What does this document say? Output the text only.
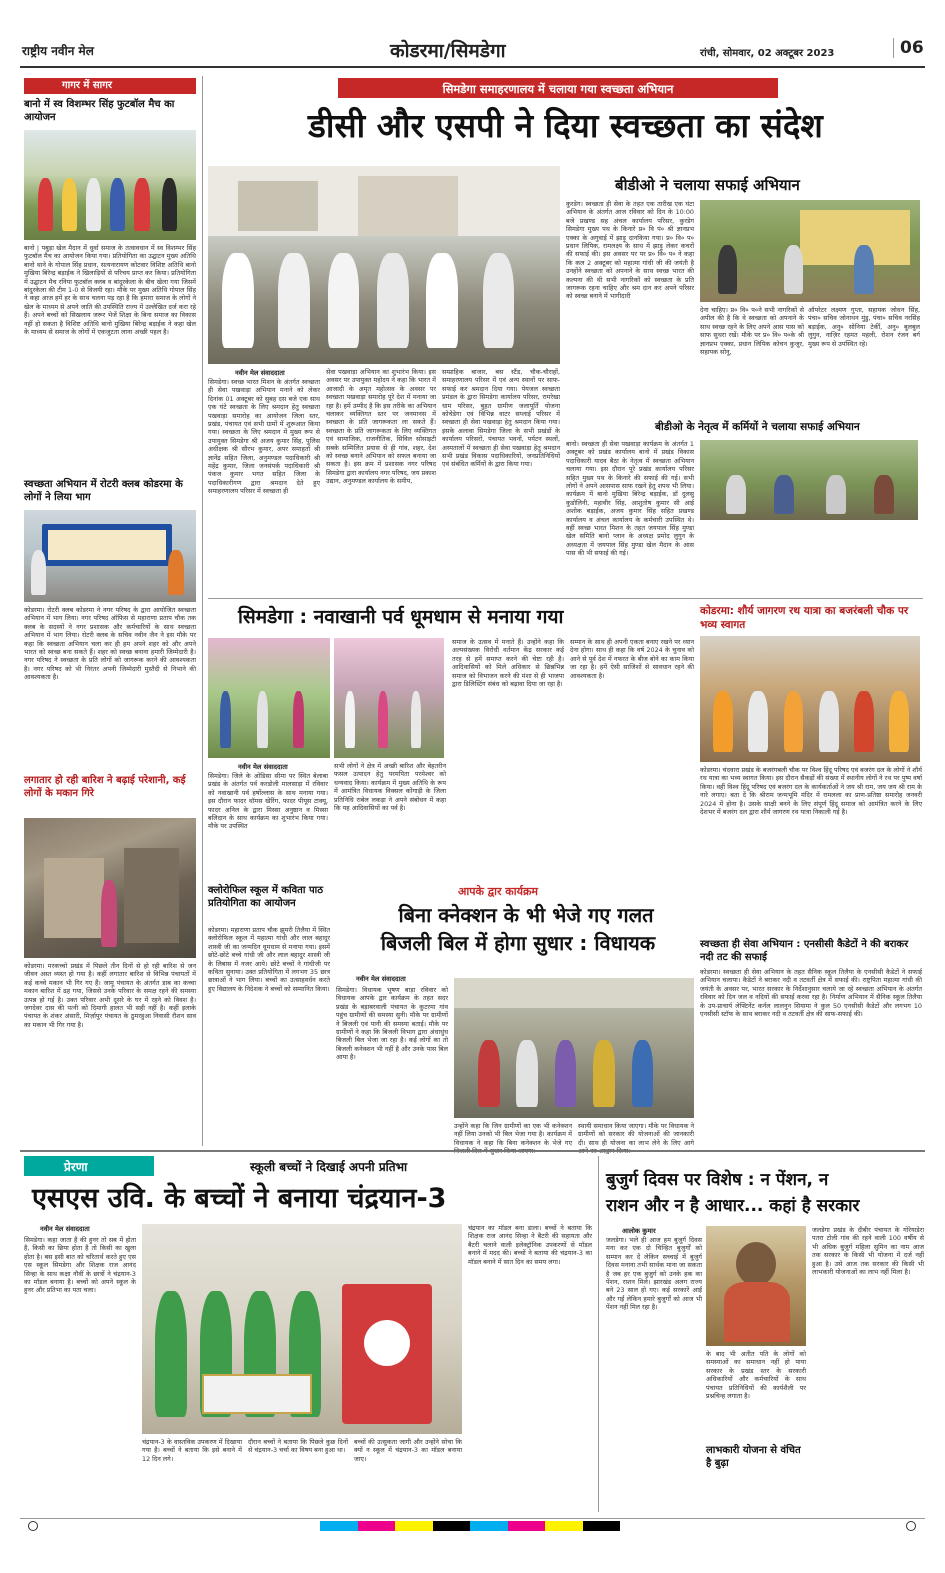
राष्ट्रीय नवीन मेल	कोडरमा/सिमडेगा	रांची, सोमवार, 02 अक्टूबर 2023	06
गागर में सागर
बानो में स्व विशम्भर सिंह फुटबॉल मैच का आयोजन
बानो | पबुड़ा खेल मैदान में धुर्वा समाज के तत्वावधान में स्व विशम्भर सिंह फुटबॉल मैच का आयोजन किया गया। प्रतियोगिता का उद्घाटन मुख्य अतिथि बानो थाने के गोपाल सिंह प्रधान, सत्यनारायण कोटवार विशिष्ट अतिथि बानो मुखिया बिरेन्द्र बड़ाईक ने खिलाड़ियों से परिचय प्राप्त कर किया। प्रतियोगिता में उद्घाटन मैच रनिया फुटबॉल क्लब व बांदुरकेला के बीच खेला गया जिसमें बांदुरकेला की टीम 1-0 से विजयी रहा। मौके पर मुख्य अतिथि गोपाल सिंह ने कहा आज हमें हर के साथ चलना पड़ रहा है कि हमारा समाज के लोगों ने खेल के माध्यम से अपने जाति की उपस्थिति राज्य में उल्लेखित दर्ज करा रहे हैं। अपने बच्चों को सिखलाय जरूर भेजें शिक्षा के बिना समाज का विकास नहीं हो सकता है विशिष्ट अतिथि बानो मुखिया बिरेन्द्र बड़ाईक ने कहा खेल के माध्यम से समाज के लोगों में एकजुटता लाना अच्छी पहल है।
स्वच्छता अभियान में रोटरी क्लब कोडरमा के लोगों ने लिया भाग
कोडरमा। रोटरी क्लब कोडरमा ने नगर परिषद के द्वारा आयोजित स्वच्छता अभियान में भाग लिया। नगर परिषद ऑफिस से महाराणा प्रताप चौक तक क्लब के सदस्यों ने नगर प्रशासक और कर्मचारियों के साथ स्वच्छता अभियान में भाग लिया। रोटरी क्लब के सचिव नवीन जैन ने इस मौके पर कहा कि स्वच्छता अभियान चला कर ही हम अपने शहर को और अपने भारत को स्वच्छ बना सकते हैं। शहर को स्वच्छ बनाना हमारी जिम्मेदारी है। नगर परिषद ने स्वच्छता के प्रति लोगों को जागरूक करने की आवश्यकता है। नगर परिषद को भी निरंतर अपनी जिम्मेदारी मुस्तैदी से निभाने की आवश्यकता है।
लगातार हो रही बारिश ने बढ़ाई परेशानी, कई लोगों के मकान गिरे
कोडरमा। मरकच्चो प्रखंड में पिछले तीन दिनों से हो रही बारिश से जन जीवन अस्त व्यस्त हो गया है। कहीं लगातार बारिश से विभिन्न पंचायतों में कई कच्चे मकान भी गिर गए हैं। जामू पंचायत के अंतर्गत डाब का कच्चा मकान बारिश में ढह गया, जिससे उनके परिवार के समक्ष रहने की समस्या उत्पन्न हो गई है। उक्त परिवार अभी दूसरे के घर में रहने को विवश है। जगदेवर दास की पत्नी को दिमागी हालत भी सही नहीं है। कहीं इलाके पंचायत के शंकर अंसारी, मिर्ज़ापुर पंचायत के ठुमरहुआ निवासी रौशन साव का मकान भी गिर गया है।
सिमडेगा समाहरणालय में चलाया गया स्वच्छता अभियान
डीसी और एसपी ने दिया स्वच्छता का संदेश
नवीन मेल संवाददाता
सिमडेगा। स्वच्छ भारत मिशन के अंतर्गत स्वच्छता ही सेवा पखवाड़ा अभियान मनाने को लेकर दिनांक 01 अक्टूबर को सुबह दस बजे एक साथ एक घंटे स्वच्छता के लिए श्रमदान हेतु स्वच्छता पखवाड़ा समारोह का आयोजन जिला स्तर, प्रखंड, पंचायत एवं सभी ग्रामों में शुरूआत किया गया। स्वच्छता के लिए श्रमदान में मुख्य रूप से उपायुक्त सिमडेगा श्री अजय कुमार सिंह, पुलिस अधीक्षक श्री सौरभ कुमार, अपर समाहर्ता श्री ज्ञानेंद्र सहित जिला, अनुमण्डल पदाधिकारी श्री महेंद्र कुमार, जिला जनसंपर्क पदाधिकारी श्री पंकज कुमार भगत सहित जिला के पदाधिकारीगण द्वारा श्रमदान देते हुए समाहरणालय परिसर में स्वच्छता ही
सेवा पखवाड़ा अभियान का शुभारंभ किया। इस अवसर पर उपायुक्त महोदय ने कहा कि भारत में आजादी के अमृत महोत्सव के अवसर पर स्वच्छता पखवाड़ा समारोह पूरे देश में मनाया जा रहा है। हमें उम्मीद है कि इस तरीके का अभियान चलाकर व्यक्तिगत स्तर पर जनमानस में स्वच्छता के प्रति जागरूकता ला सकते हैं। स्वच्छता के प्रति जागरूकता के लिए व्यक्तिगत एवं सामाजिक, राजनीतिक, सिविल सोसाइटी सबके सम्मिलित प्रयास से ही गांव, शहर, देश को स्वच्छ बनाने अभियान को सफल बनाया जा सकता है। इस क्रम में प्रशासक नगर परिषद सिमडेगा द्वारा कार्यालय नगर परिषद, जय प्रकाश उद्यान, अनुमण्डल कार्यालय के समीप,
सम्प्राहिक बाजार, बस स्टैंड, चौक-चौराहों, समाहरणालय परिसर में एवं अन्य स्थानों पर साफ-सफाई कर श्रमदान दिया गया। पेयजल स्वच्छता प्रमंडल के द्वारा सिमडेगा कार्यालय परिसर, रामरेखा धाम परिसर, बुहत ग्रामीण जलापूर्ति योजना कोचेडेगा एवं विभिन्न वाटर सप्लाई परिसर में स्वच्छता ही सेवा पखवाड़ा हेतु श्रमदान किया गया। इसके अलावा सिमडेगा जिला के सभी प्रखंडों के कार्यालय परिसरों, पंचायत भवनों, पर्यटन स्थलों, अस्पतालों में स्वच्छता ही सेवा पखवाड़ा हेतु श्रमदान सभी प्रखंड विकास पदाधिकारियों, जनप्रतिनिधियों एवं संबंधित कर्मियों के द्वारा किया गया।
बीडीओ ने चलाया सफाई अभियान
कुरडेग। स्वच्छता ही सेवा के तहत एक तारीख एक घंटा अभियान के अंतर्गत आज रविवार को दिन के 10:00 बजे प्रखण्ड सह अंचल कार्यालय परिसर, कुरडेग सिमडेगा मुख्य पथ के किनारे प्र० वि पं० श्री ज्ञानप्रभ एक्का के अगुवाई में झाड़ू दानकिया गया। प्र० वि० प० प्रधान लिपिक, रामलक्ष्य के साथ में झाड़ू लेकर कचरों की सफाई की। इस अवसर पर पर प्र० वि० प० ने कहा कि कल 2 अक्टूबर को महात्मा गांधी जी की जयंती है उनहोंने स्वच्छता को अपनाने के साथ स्वच्छ भारत की कल्पना की थी सभी नागरिकों को स्वच्छता के प्रति जागरूक रहना चाहिए और श्रम दान कर अपने परिसर को स्वच्छ बनाने में भागीदारी
देना चाहिए। प्र० वि० प०ने सभी नागरिकों से अपील की है कि वे स्वच्छता को अपनाने के साथ स्वच्छ रहने के लिए अपने आस पास को साफ सुथरा रखें। मौके पर प्र० वि० प०के श्री ज्ञानप्रभ एक्का, प्रधान लिपिक कोचन कुजूर, सहायक सोनू,
ऑपरेटर लक्ष्मण गुप्ता, सहायक जोधन सिंह, पंचा० सचिव जोनाथन मुंडु, पंचा० सचिव नरसिंह बड़ाईक, अनु० सोनिया टेर्की, अनु० बुलबुल लुगुन, नाज़िर रहमत महली, रोशन रंजन बर्ग मुख्य रूप से उपस्थित रहे।
बीडीओ के नेतृत्व में कर्मियों ने चलाया सफाई अभियान
बानो। स्वच्छता ही सेवा पखवाड़ा कार्यक्रम के अंतर्गत 1 अक्टूबर को प्रखंड कार्यालय बानो में प्रखंड विकास पदाधिकारी यादव बैठा के नेतृत्व में स्वच्छता अभियान चलाया गया। इस दौरान पूरे प्रखंड कार्यालय परिसर सहित मुख्य पथ के किनारे की सफाई की गई। सभी लोगों ने अपने आसपास साफ रखने हेतु शपथ भी लिया। कार्यक्रम में बानो मुखिया बिरेन्द्र बड़ाईक, डॉ दुलसु कुडोलिनी, महावीर सिंह, आशुतोष कुमार सी आई अशोक बड़ाईक, अजय कुमार सिंह सहित प्रखण्ड कार्यालय व अंचल कार्यालय के कर्मचारी उपस्थित थे। वहीं स्वच्छ भारत मिशन के तहत जयपाल सिंह मुण्डा खेल समिति बानो प्लान के अध्यक्ष प्रमोद लुगुन के अध्यक्षता में जयपाल सिंह मुण्डा खेल मैदान के आस पास की भी सफाई की गई।
सिमडेगा : नवाखानी पर्व धूमधाम से मनाया गया
नवीन मेल संवाददाता
सिमडेगा। जिले के ओडिसा सीमा पर स्थित बेलाबा प्रखंड के अंतर्गत पर्व करडोली मालसाड़ा में रविवार को नवाखानी पर्व हर्षोल्लास के साथ मनाया गया। इस दौरान फादर थॉमस खेरिंग, फादर पीयूस टाक्यू, फादर अनिल के द्वारा मिस्सा अनुष्ठान व मिस्सा बलिदान के साथ कार्यक्रम का शुभारंभ किया गया। मौके पर उपस्थित
सभी लोगों ने क्षेत्र में अच्छी बारिश और बेहतरीन फसल उत्पादन हेतु परमपिता परमेश्वर को धन्यवाद किया। कार्यक्रम में मुख्य अतिथि के रूप में आमंत्रित विधायक विक्सल कोंगाड़ी के जिला प्रतिनिधि राबेल लकड़ा ने अपने संबोधन में कहा कि यह आदिवासियों का पर्व है।
समाज के उत्सव में मनाते हैं। उन्होंने कहा कि अल्पसंख्यक विरोधी वर्तमान केंद्र सरकार कई तरह से हमें समाप्त करने की चेष्टा रही है। आदिवासियों को मिले अधिकार से छिन्नभिन्न समाज को विभाजन करने की मंशा से ही भाजपा द्वारा डिलिस्टिंग संबंध को बढ़ावा दिया जा रहा है।
सम्मान के साथ ही अपनी एकता बनाए रखने पर ध्यान देना होगा। साथ ही कहा कि वर्ष 2024 के चुनाव को आने से पूर्व देश में नफरत के बीज बोने का काम किया जा रहा है। हमें ऐसी साजिशों से सावधान रहने की आवश्यकता है।
कोडरमा: शौर्य जागरण रथ यात्रा का बजरंबली चौक पर भव्य स्वागत
कोडरमा। चंदवारा प्रखंड के बजरंगबली चौक पर विश्व हिंदू परिषद एवं बजरंग दल के लोगों ने शौर्य रथ यात्रा का भव्य स्वागत किया। इस दौरान सैकड़ों की संख्या में स्थानीय लोगों ने रथ पर पुष्प वर्षा किया। वहीं विश्व हिंदू परिषद एवं बजरंग दल के कार्यकर्ताओं ने जय श्री राम, जय जय श्री राम के नारे लगाए। बता दें कि श्रीराम जन्मभूमि मंदिर में रामलला का प्राण-प्रतिष्ठा समारोह जनवरी 2024 में होना है। उसके साक्षी बनने के लिए संपूर्ण हिंदू समाज को आमंत्रित करने के लिए देशभर में बजरंग दल द्वारा शौर्य जागरण रथ यात्रा निकाली गई है।
स्वच्छता ही सेवा अभियान : एनसीसी कैडेटों ने की बराकर नदी तट की सफाई
कोडरमा। स्वच्छता ही सेवा अभियान के तहत सैनिक स्कूल तिलैया के एनसीसी कैडेटों ने सफाई अभियान चलाया। कैडेटों ने बराकर नदी व तटवर्ती क्षेत्र में सफाई की। राष्ट्रपिता महात्मा गांधी की जयंती के अवसर पर, भारत सरकार के निर्देशानुसार चलाये जा रहे स्वच्छता अभियान के अंतर्गत रविवार को दिन जल व नदियों की सफाई करवा रहा है। निर्माण अभियान में सैनिक स्कूल तिलैया के उप-प्राचार्य लेफ्टिनेंट कर्नल लालनुन सियामा ने कुल 50 एनसीसी कैडेटों और लगभग 10 एनसीसी स्टॉफ के साथ बराकर नदी व तटवर्ती क्षेत्र की साफ-सफाई की।
क्लोरोफिल स्कूल में कविता पाठ प्रतियोगिता का आयोजन
कोडरमा। महाराणा प्रताप चौक झुमरी तिलैया में स्थित क्लोरोफिल स्कूल में महात्मा गांधी और लाल बहादुर शास्त्री जी का जन्मदिन धूमधाम से मनाया गया। इसमें छोटे-छोटे बच्चे गांधी जी और लाल बहादुर शास्त्री जी के लिबास में नजर आये। छोटे बच्चों ने गांधीजी पर कविता सुनाया। उक्त प्रतियोगिता में लगभग 35 छात्र छात्राओं ने भाग लिया। बच्चों का उत्साहवर्धन करते हुए विद्यालय के निदेशक ने बच्चों को सम्मानित किया।
आपके द्वार कार्यक्रम
बिना क्नेक्शन के भी भेजे गए गलत
बिजली बिल में होगा सुधार : विधायक
नवीन मेल संवाददाता
सिमडेगा। विधायक भूषण बाड़ा रविवार को विधायक आपके द्वार कार्यक्रम के तहत सदर प्रखंड के बड़ाबरवाली पंचायत के कुटरमा गांव पहुंच ग्रामीणों की समस्या सुनी। मौके पर ग्रामीणों ने बिजली एवं पानी की समस्या बताई। मौके पर ग्रामीणों ने कहा कि बिजली विभाग द्वारा अंधाधुंध बिजली बिल भेजा जा रहा है। कई लोगों का तो बिजली कनेक्शन भी नहीं है और उनके पास बिल आया है।
उन्होंने कहा कि जिन ग्रामीणों का एक भी कनेक्शन नहीं लिया उनको भी बिल भेजा गया है। कार्यक्रम में विधायक ने कहा कि बिना कनेक्शन के भेजे गए
स्थायी समाधान किया जाएगा। मौके पर विधायक ने ग्रामीणों को सरकार की योजनाओं की जानकारी दी। साथ ही योजना का लाभ लेने के लिए आगे
प्रेरणा	स्कूली बच्चों ने दिखाई अपनी प्रतिभा
एसएस उवि. के बच्चों ने बनाया चंद्रयान-3
नवीन मेल संवाददाता
सिमडेगा। कहा जाता है की हुनर तो सब में होता है, किसी का छिपा होता है तो किसी का खुला होता है। बस इसी बात को चरितार्थ करते हुए एस एस स्कूल सिमडेगा और शिक्षक राज आनंद सिन्हा के साथ कक्षा नौवीं के छात्रों ने चंद्रयान-3 का मॉडल बनाया है। बच्चों को अपने स्कूल के हुनर और प्रतिभा का पता चला।
चंद्रयान का मॉडल बना डाला। बच्चों ने बताया कि शिक्षक राज आनंद सिन्हा ने बैटरी की सहायता और बैटरी चलाने वाली इलेक्ट्रॉनिक उपकरणों से मॉडल बनाने में मदद की। बच्चों ने बताया की चंद्रयान-3 का मॉडल बनाने में सात दिन का समय लगा।
चंद्रयान-3 के वास्तविक उपकरण में दिखाया गया है। बच्चों ने बताया कि इसे बनाने में 12 दिन लगे।
दौरान बच्चों ने बताया कि पिछले कुछ दिनों से चंद्रयान-3 चर्चा का विषय बना हुआ था।
बच्चों की उत्सुकता जागी और उन्होंने सोचा कि क्यों न स्कूल में चंद्रयान-3 का मॉडल बनाया जाए।
बुजुर्ग दिवस पर विशेष : न पेंशन, न
राशन और न है आधार... कहां है सरकार
आलोक कुमार
जलडेगा। भले ही आज हम बुजुर्ग दिवस मना कर एक दो चिन्हित बुजुर्गों को सम्मान कर दें लेकिन सच्चाई में बुजुर्ग दिवस मनाना तभी सार्थक माना जा सकता है जब हर एक बुजुर्ग को उनके हक का पेंशन, राशन मिले। झारखंड अलग राज्य बने 23 साल हो गए। कई सरकारें आईं और गईं लेकिन हमारे बुजुर्गों को आज भी पेंशन नहीं मिल रहा है।
के बाद भी अतीत पति के लोगों को समस्याओं का समाधान नहीं हो पाया सरकार के प्रखंड स्तर के सरकारी अधिकारियों और कर्मचारियों के साथ पंचायत प्रतिनिधियों की कार्यशैली पर प्रश्नचिन्ह लगाता है।
लाभकारी योजना से वंचित है बुढ़ा
जलडेगा प्रखंड के दीबीर पंचायत के गोरेयाडेरा पतरा टोली गांव की रहने वाली 100 वर्षीय से भी अधिक बुजुर्ग महिला सुमिन का नाम आज तक सरकार के किसी भी योजना में दर्ज नहीं हुआ है। उसे आज तक सरकार की किसी भी लाभकारी योजनाओं का लाभ नहीं मिला है।
